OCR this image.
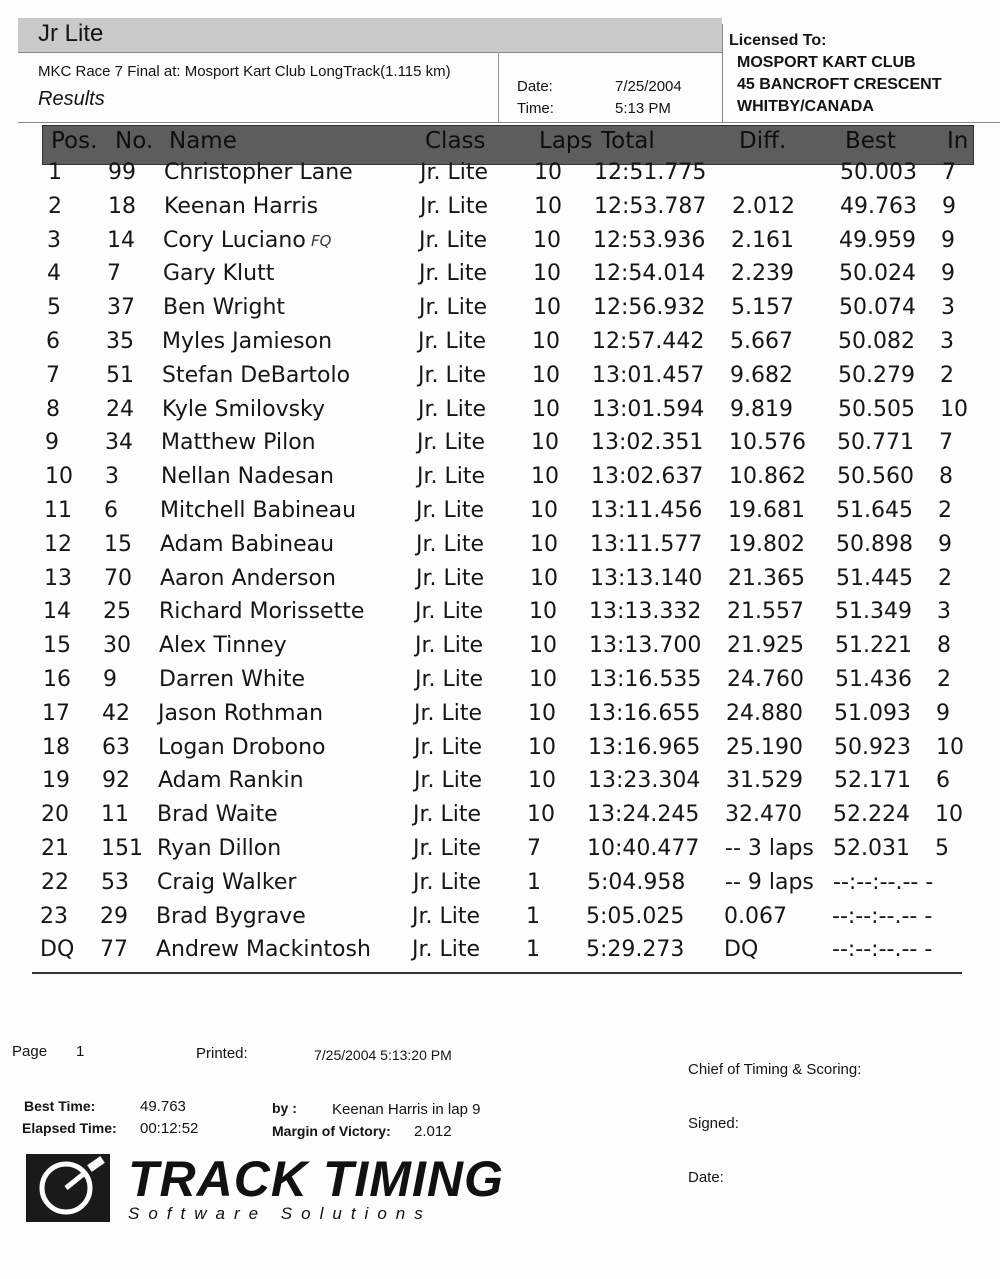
Jr Lite
MKC Race 7 Final at: Mosport Kart Club LongTrack(1.115 km)
Results
Date:	7/25/2004
Time:	5:13 PM
Licensed To:
MOSPORT KART CLUB
45 BANCROFT CRESCENT
WHITBY/CANADA
Pos. No. Name	Class Laps Total	Diff.	Best In
1 99 Christopher Lane	Jr. Lite 10 12:51.775	50.003 7
2 18 Keenan Harris	Jr. Lite 10 12:53.787 2.012 49.763 9
3 14 Cory Luciano	Jr. Lite 10 12:53.936 2.161 49.959 9
FQ
4 7 Gary Klutt	Jr. Lite 10 12:54.014 2.239 50.024 9
5 37 Ben Wright	Jr. Lite 10 12:56.932 5.157 50.074 3
6 35 Myles Jamieson	Jr. Lite 10 12:57.442 5.667 50.082 3
7 51 Stefan DeBartolo	Jr. Lite 10 13:01.457 9.682 50.279 2
8 24 Kyle Smilovsky	Jr. Lite 10 13:01.594 9.819 50.505 10
9 34 Matthew Pilon	Jr. Lite 10 13:02.351 10.576 50.771 7
10 3 Nellan Nadesan	Jr. Lite 10 13:02.637 10.862 50.560 8
11 6 Mitchell Babineau	Jr. Lite 10 13:11.456 19.681 51.645 2
12 15 Adam Babineau	Jr. Lite 10 13:11.577 19.802 50.898 9
13 70 Aaron Anderson	Jr. Lite 10 13:13.140 21.365 51.445 2
14 25 Richard Morissette Jr. Lite 10 13:13.332 21.557 51.349 3
15 30 Alex Tinney	Jr. Lite 10 13:13.700 21.925 51.221 8
16 9 Darren White	Jr. Lite 10 13:16.535 24.760 51.436 2
17 42 Jason Rothman	Jr. Lite 10 13:16.655 24.880 51.093 9
18 63 Logan Drobono	Jr. Lite 10 13:16.965 25.190 50.923 10
19 92 Adam Rankin	Jr. Lite 10 13:23.304 31.529 52.171 6
20 11 Brad Waite	Jr. Lite 10 13:24.245 32.470 52.224 10
21 151 Ryan Dillon	Jr. Lite 7 10:40.477 -- 3 laps 52.031 5
22 53 Craig Walker	Jr. Lite 1 5:04.958 -- 9 laps --:--:--.-- -
23 29 Brad Bygrave	Jr. Lite 1 5:05.025 0.067 --:--:--.-- -
DQ 77 Andrew Mackintosh Jr. Lite 1 5:29.273 DQ	--:--:--.-- -
Page 1	Printed:	7/25/2004 5:13:20 PM
Chief of Timing & Scoring:
Signed:
Date:
Best Time:	49.763	by : Keenan Harris in lap 9
Elapsed Time: 00:12:52	Margin of Victory: 2.012
TRACK TIMING
Software Solutions
